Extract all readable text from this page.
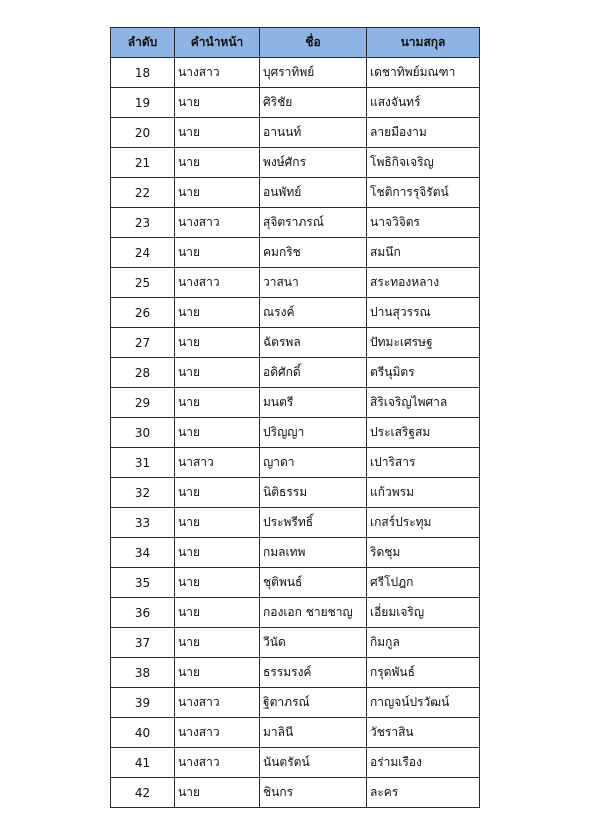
ลำดับ	คำนำหน้า	ชื่อ	นามสกุล
18	นางสาว	บุศราทิพย์	เดชาทิพย์มณฑา
19	นาย	ศิริชัย	แสงจันทร์
20	นาย	อานนท์	ลายมืองาม
21	นาย	พงษ์ศักร	โพธิกิจเจริญ
22	นาย	อนพัทย์	โชติการรุจิรัตน์
23	นางสาว	สุจิตราภรณ์	นาจวิจิตร
24	นาย	คมกริช	สมนึก
25	นางสาว	วาสนา	สระทองหลาง
26	นาย	ณรงค์	ปานสุวรรณ
27	นาย	ฉัตรพล	ปัทมะเศรษฐ
28	นาย	อดิศักดิ์	ตรีนุมิตร
29	นาย	มนตรี	สิริเจริญไพศาล
30	นาย	ปริญญา	ประเสริฐสม
31	นาสาว	ญาดา	เปาริสาร
32	นาย	นิติธรรม	แก้วพรม
33	นาย	ประพรีทธิ์	เกสร์ประทุม
34	นาย	กมลเทพ	ริดชุม
35	นาย	ชุติพนธ์	ศรีโปฎก
36	นาย	กองเอก ชายชาญ	เอี่ยมเจริญ
37	นาย	วีนัด	กิมกูล
38	นาย	ธรรมรงค์	กรุดพันธ์
39	นางสาว	ฐิตาภรณ์	กาญจน์ปรวัฒน์
40	นางสาว	มาลินี	วัชราสิน
41	นางสาว	นันตรัตน์	อร่ามเรือง
42	นาย	ชินกร	ละคร
